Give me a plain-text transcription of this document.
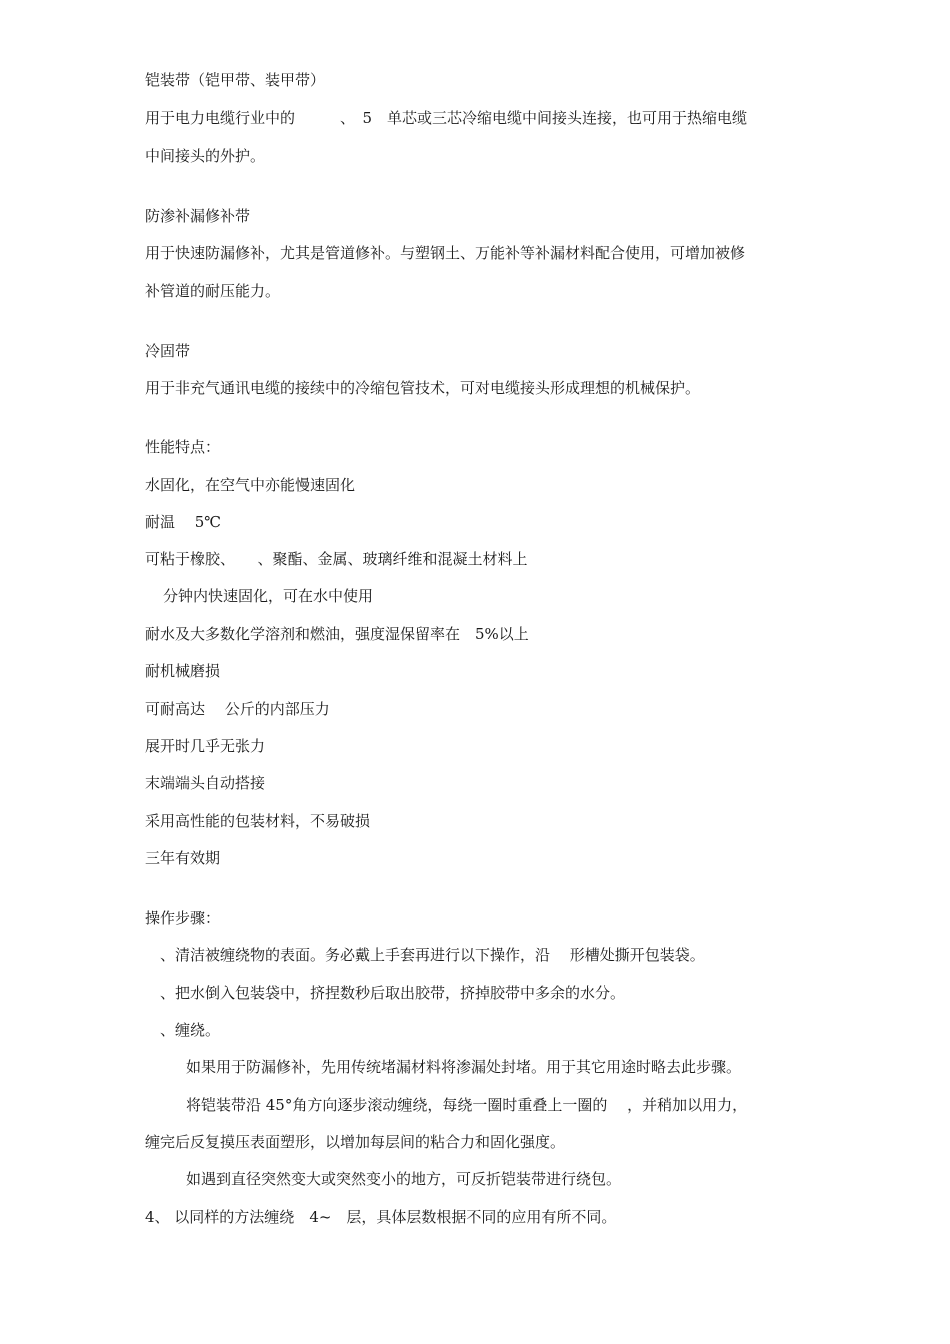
铠装带（铠甲带、装甲带）

用于电力电缆行业中的　　　、　5　单芯或三芯冷缩电缆中间接头连接，也可用于热缩电缆

中间接头的外护。

防渗补漏修补带

用于快速防漏修补，尤其是管道修补。与塑钢土、万能补等补漏材料配合使用，可增加被修

补管道的耐压能力。

冷固带

用于非充气通讯电缆的接续中的冷缩包管技术，可对电缆接头形成理想的机械保护。

性能特点：

水固化，在空气中亦能慢速固化

耐温　 5℃

可粘于橡胶、　　、聚酯、金属、玻璃纤维和混凝土材料上

分钟内快速固化，可在水中使用

耐水及大多数化学溶剂和燃油，强度湿保留率在　5%以上

耐机械磨损

可耐高达　 公斤的内部压力

展开时几乎无张力

末端端头自动搭接

采用高性能的包装材料，不易破损

三年有效期

操作步骤：

、清洁被缠绕物的表面。务必戴上手套再进行以下操作，沿　 形槽处撕开包装袋。

、把水倒入包装袋中，挤捏数秒后取出胶带，挤掉胶带中多余的水分。

、缠绕。

如果用于防漏修补，先用传统堵漏材料将渗漏处封堵。用于其它用途时略去此步骤。

将铠装带沿 45°角方向逐步滚动缠绕，每绕一圈时重叠上一圈的　 ，并稍加以用力，

缠完后反复摸压表面塑形，以增加每层间的粘合力和固化强度。

如遇到直径突然变大或突然变小的地方，可反折铠装带进行绕包。

4、 以同样的方法缠绕　4~　层，具体层数根据不同的应用有所不同。
